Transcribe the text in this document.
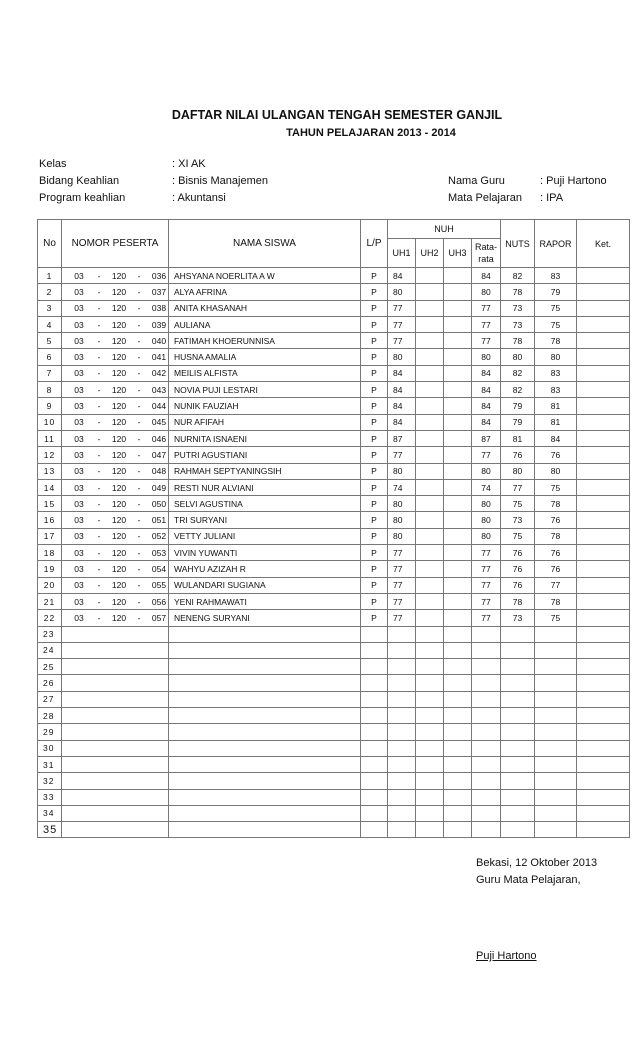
DAFTAR NILAI ULANGAN TENGAH SEMESTER GANJIL
TAHUN PELAJARAN 2013 - 2014
Kelas	: XI AK
Bidang Keahlian	: Bisnis Manajemen
Program keahlian	: Akuntansi
Nama Guru	: Puji Hartono
Mata Pelajaran : IPA
No	NOMOR PESERTA	NAMA SISWA	L/P	NUH				NUTS	RAPOR	Ket.
				UH1	UH2	UH3	Rata-
rata			
1	03 - 120 - 036	AHSYANA NOERLITA A W	P	84			84	82	83	
2	03 - 120 - 037	ALYA AFRINA	P	80			80	78	79	
3	03 - 120 - 038	ANITA KHASANAH	P	77			77	73	75	
4	03 - 120 - 039	AULIANA	P	77			77	73	75	
5	03 - 120 - 040	FATIMAH KHOERUNNISA	P	77			77	78	78	
6	03 - 120 - 041	HUSNA AMALIA	P	80			80	80	80	
7	03 - 120 - 042	MEILIS ALFISTA	P	84			84	82	83	
8	03 - 120 - 043	NOVIA PUJI LESTARI	P	84			84	82	83	
9	03 - 120 - 044	NUNIK FAUZIAH	P	84			84	79	81	
10	03 - 120 - 045	NUR AFIFAH	P	84			84	79	81	
11	03 - 120 - 046	NURNITA ISNAENI	P	87			87	81	84	
12	03 - 120 - 047	PUTRI AGUSTIANI	P	77			77	76	76	
13	03 - 120 - 048	RAHMAH SEPTYANINGSIH	P	80			80	80	80	
14	03 - 120 - 049	RESTI NUR ALVIANI	P	74			74	77	75	
15	03 - 120 - 050	SELVI AGUSTINA	P	80			80	75	78	
16	03 - 120 - 051	TRI SURYANI	P	80			80	73	76	
17	03 - 120 - 052	VETTY JULIANI	P	80			80	75	78	
18	03 - 120 - 053	VIVIN YUWANTI	P	77			77	76	76	
19	03 - 120 - 054	WAHYU AZIZAH R	P	77			77	76	76	
20	03 - 120 - 055	WULANDARI SUGIANA	P	77			77	76	77	
21	03 - 120 - 056	YENI RAHMAWATI	P	77			77	78	78	
22	03 - 120 - 057	NENENG SURYANI	P	77			77	73	75	
23										
24										
25										
26										
27										
28										
29										
30										
31										
32										
33										
34										
35										
Bekasi, 12 Oktober 2013
Guru Mata Pelajaran,
Puji Hartono
